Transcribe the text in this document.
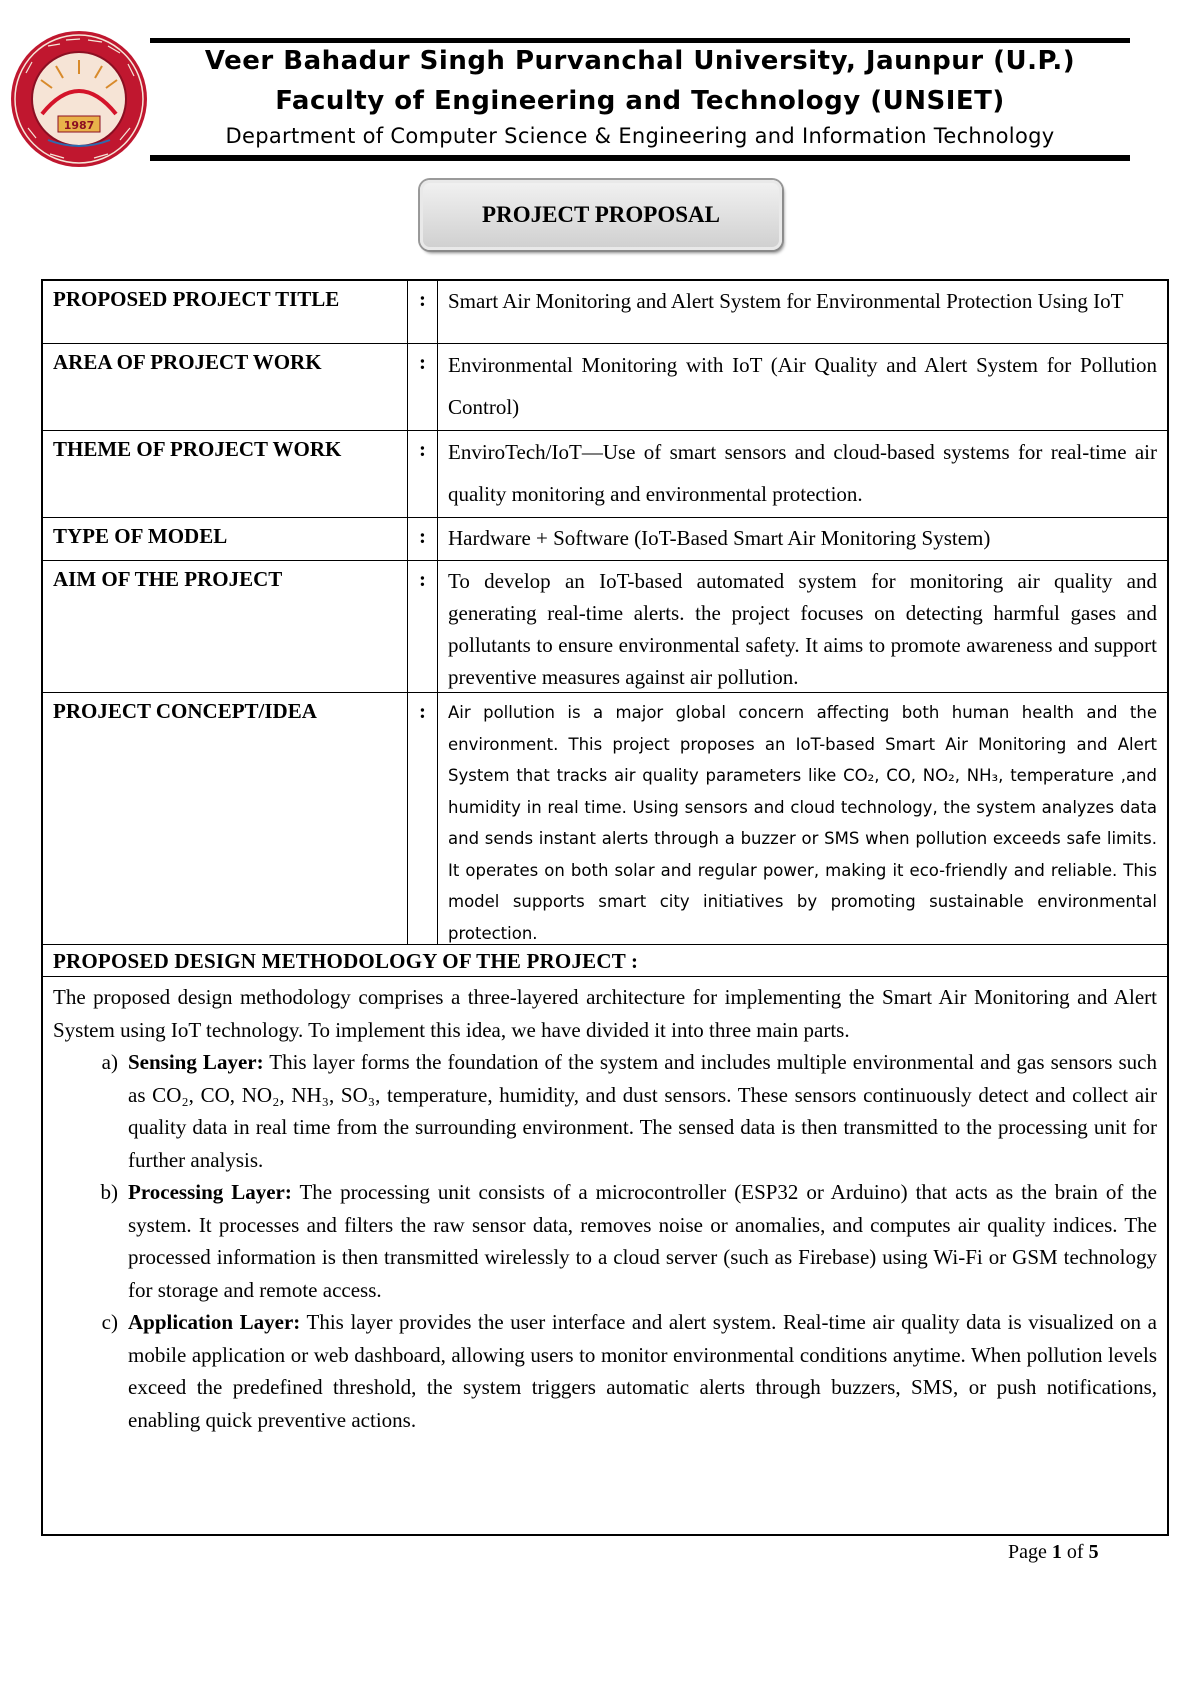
1987
Veer Bahadur Singh Purvanchal University, Jaunpur (U.P.)
Faculty of Engineering and Technology (UNSIET)
Department of Computer Science & Engineering and Information Technology
PROJECT PROPOSAL
PROPOSED PROJECT TITLE	:	Smart Air Monitoring and Alert System for Environmental Protection Using IoT
AREA OF PROJECT WORK	:	Environmental Monitoring with IoT (Air Quality and Alert System for Pollution Control)
THEME OF PROJECT WORK	:	EnviroTech/IoT—Use of smart sensors and cloud-based systems for real-time air quality monitoring and environmental protection.
TYPE OF MODEL	:	Hardware + Software (IoT-Based Smart Air Monitoring System)
AIM OF THE PROJECT	:	To develop an IoT-based automated system for monitoring air quality and generating real-time alerts. the project focuses on detecting harmful gases and pollutants to ensure environmental safety. It aims to promote awareness and support preventive measures against air pollution.
PROJECT CONCEPT/IDEA	:	Air pollution is a major global concern affecting both human health and the environment. This project proposes an IoT-based Smart Air Monitoring and Alert System that tracks air quality parameters like CO₂, CO, NO₂, NH₃, temperature ,and humidity in real time. Using sensors and cloud technology, the system analyzes data and sends instant alerts through a buzzer or SMS when pollution exceeds safe limits. It operates on both solar and regular power, making it eco-friendly and reliable. This model supports smart city initiatives by promoting sustainable environmental protection.
PROPOSED DESIGN METHODOLOGY OF THE PROJECT :

The proposed design methodology comprises a three-layered architecture for implementing the Smart Air Monitoring and Alert System using IoT technology. To implement this idea, we have divided it into three main parts.

a) Sensing Layer: This layer forms the foundation of the system and includes multiple environmental and gas sensors such as CO₂, CO, NO₂, NH₃, SO₃, temperature, humidity, and dust sensors. These sensors continuously detect and collect air quality data in real time from the surrounding environment. The sensed data is then transmitted to the processing unit for further analysis.
b) Processing Layer: The processing unit consists of a microcontroller (ESP32 or Arduino) that acts as the brain of the system. It processes and filters the raw sensor data, removes noise or anomalies, and computes air quality indices. The processed information is then transmitted wirelessly to a cloud server (such as Firebase) using Wi-Fi or GSM technology for storage and remote access.
c) Application Layer: This layer provides the user interface and alert system. Real-time air quality data is visualized on a mobile application or web dashboard, allowing users to monitor environmental conditions anytime. When pollution levels exceed the predefined threshold, the system triggers automatic alerts through buzzers, SMS, or push notifications, enabling quick preventive actions.
Page 1 of 5
